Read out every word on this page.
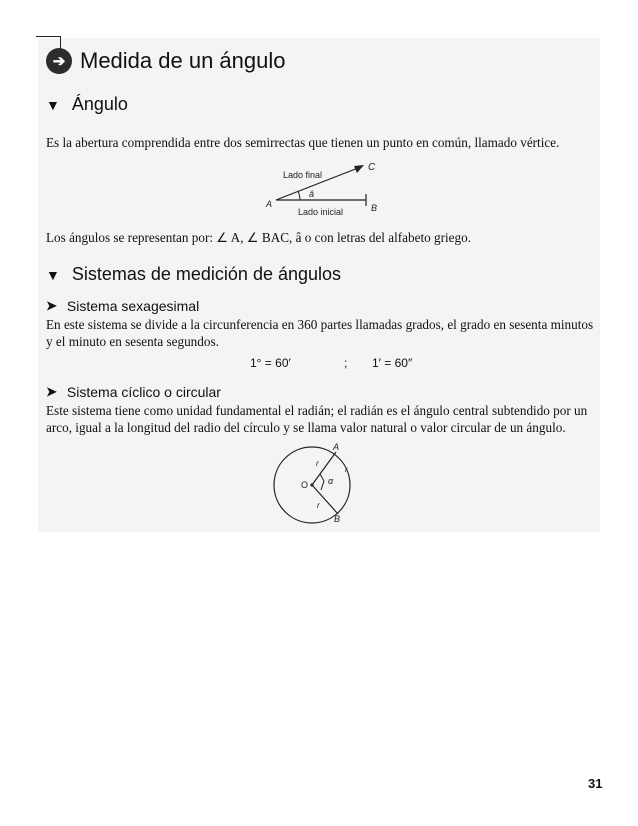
➔ Medida de un ángulo
▼ Ángulo
Es la abertura comprendida entre dos semirrectas que tienen un punto en común, llamado vértice.
Lado final
Lado inicial
A	B
C
â
Los ángulos se representan por: ∠ A, ∠ BAC, â o con letras del alfabeto griego.
▼ Sistemas de medición de ángulos
➤ Sistema sexagesimal
En este sistema se divide a la circunferencia en 360 partes llamadas grados, el grado en sesenta minutos
y el minuto en sesenta segundos.
1° = 60′	; 1′ = 60″
➤ Sistema cíclico o circular
Este sistema tiene como unidad fundamental el radián; el radián es el ángulo central subtendido por un
arco, igual a la longitud del radio del círculo y se llama valor natural o valor circular de un ángulo.
A
B
r
r
r
O α
31
